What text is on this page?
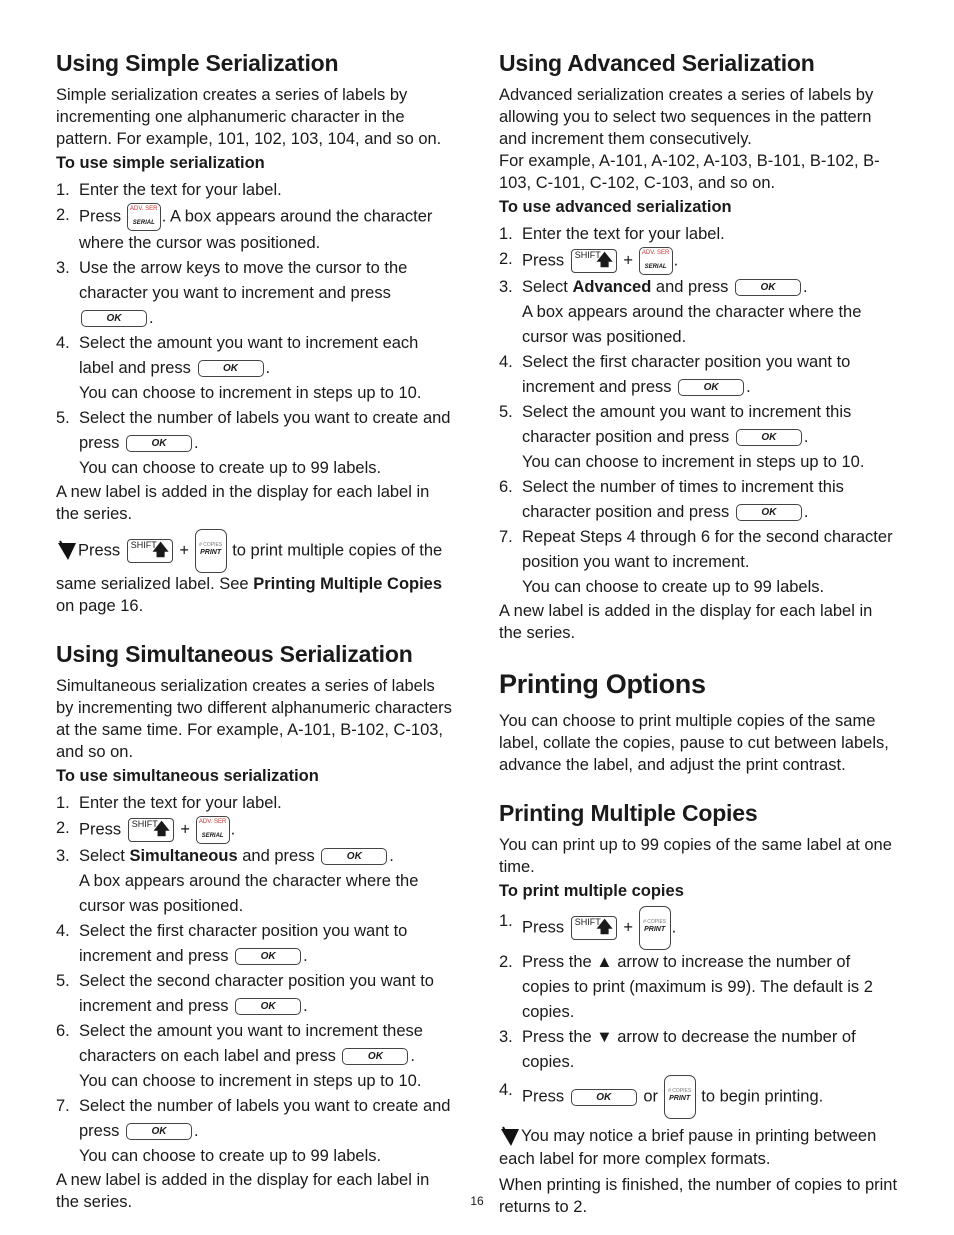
Using Simple Serialization

Simple serialization creates a series of labels by incrementing one alphanumeric character in the pattern. For example, 101, 102, 103, 104, and so on.

To use simple serialization

1. Enter the text for your label.
2. Press ADV. SER
SERIAL . A box appears around the character where the cursor was positioned.
3. Use the arrow keys to move the cursor to the character you want to increment and press
OK	.
4. Select the amount you want to increment each label and press	OK	.
You can choose to increment in steps up to 10.
5. Select the number of labels you want to create and press	OK	.
You can choose to create up to 99 labels.

A new label is added in the display for each label in the series.

Press SHIFT
🡅 +	# COPIES
PRINT to print multiple copies of the same serialized label. See Printing Multiple Copies on page 16.

Using Simultaneous Serialization

Simultaneous serialization creates a series of labels by incrementing two different alphanumeric characters at the same time. For example, A-101, B-102, C-103, and so on.

To use simultaneous serialization

1. Enter the text for your label.
2. Press SHIFT
🡅 + ADV. SER
SERIAL .
3. Select Simultaneous and press	OK	.
A box appears around the character where the cursor was positioned.
4. Select the first character position you want to increment and press	OK	.
5. Select the second character position you want to increment and press	OK	.
6. Select the amount you want to increment these characters on each label and press	OK	.
You can choose to increment in steps up to 10.
7. Select the number of labels you want to create and press	OK	.
You can choose to create up to 99 labels.

A new label is added in the display for each label in the series.

Using Advanced Serialization

Advanced serialization creates a series of labels by allowing you to select two sequences in the pattern and increment them consecutively.

For example, A-101, A-102, A-103, B-101, B-102, B-103, C-101, C-102, C-103, and so on.

To use advanced serialization

1. Enter the text for your label.
2. Press SHIFT
🡅 + ADV. SER
SERIAL .
3. Select Advanced and press	OK	.
A box appears around the character where the cursor was positioned.
4. Select the first character position you want to increment and press	OK	.
5. Select the amount you want to increment this character position and press	OK	.
You can choose to increment in steps up to 10.
6. Select the number of times to increment this character position and press	OK	.
7. Repeat Steps 4 through 6 for the second character position you want to increment.
You can choose to create up to 99 labels.

A new label is added in the display for each label in the series.

Printing Options

You can choose to print multiple copies of the same label, collate the copies, pause to cut between labels, advance the label, and adjust the print contrast.

Printing Multiple Copies

You can print up to 99 copies of the same label at one time.

To print multiple copies

1. Press SHIFT
🡅 +	# COPIES
PRINT .
2. Press the ▲ arrow to increase the number of copies to print (maximum is 99). The default is 2 copies.
3. Press the ▼ arrow to decrease the number of copies.
4. Press	OK	or	# COPIES
PRINT to begin printing.

You may notice a brief pause in printing between each label for more complex formats.

When printing is finished, the number of copies to print returns to 2.

16
